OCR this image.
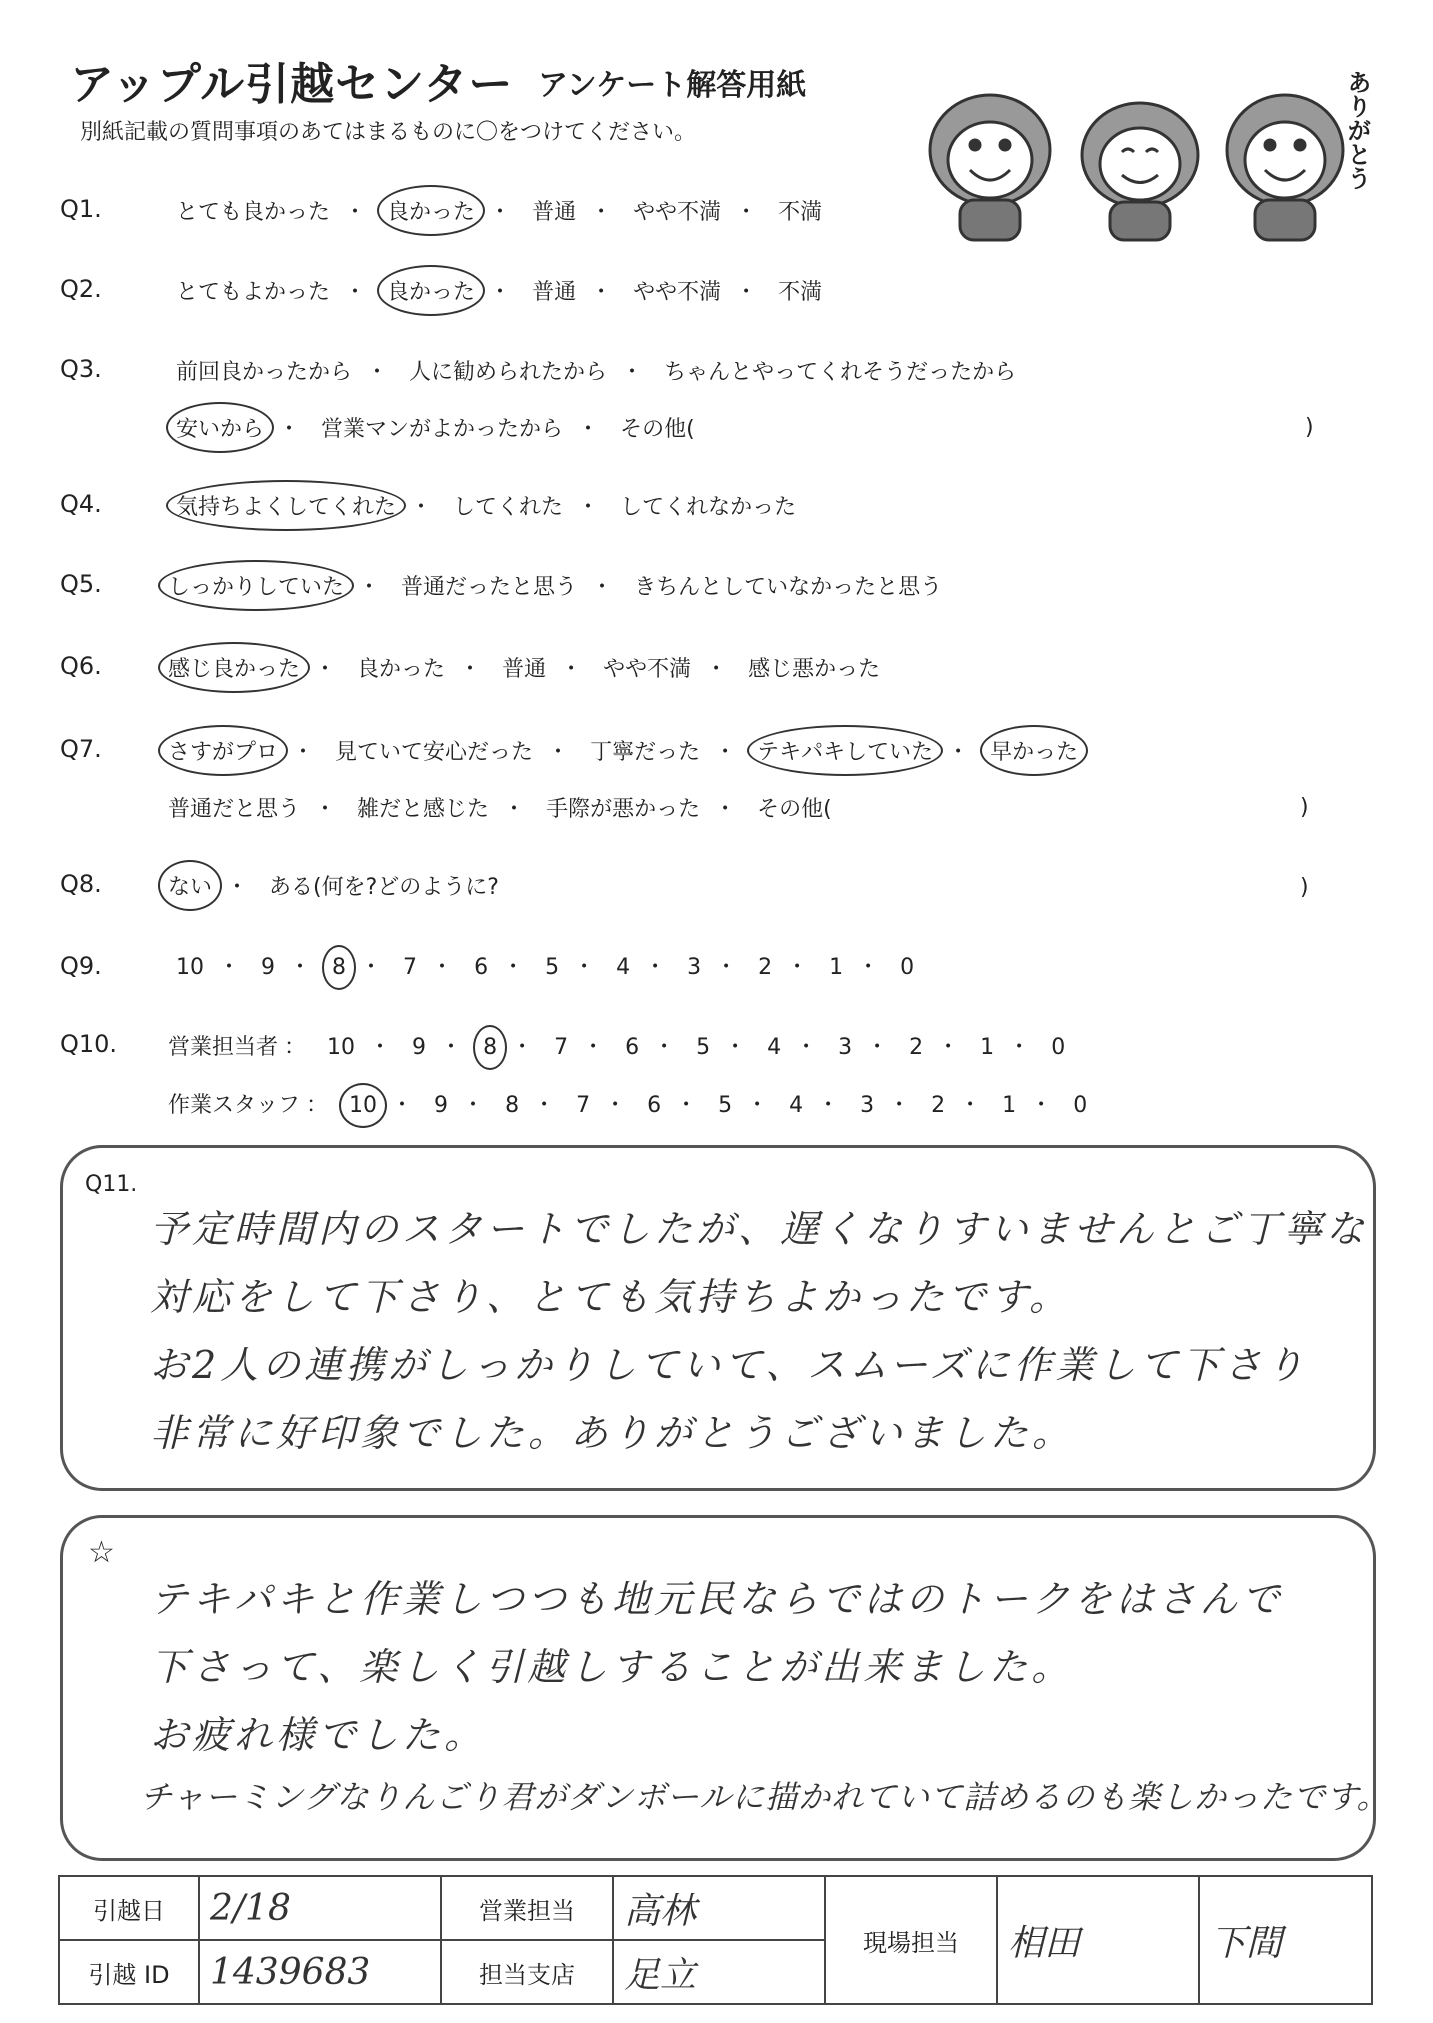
アップル引越センター アンケート解答用紙
別紙記載の質問事項のあてはまるものに〇をつけてください。	ありがとう
Q1.	とても良かった ・ 良かった ・ 普通 ・ やや不満 ・ 不満
Q2.	とてもよかった ・ 良かった ・ 普通 ・ やや不満 ・ 不満
Q3.	前回良かったから ・ 人に勧められたから ・ ちゃんとやってくれそうだったから
安いから ・ 営業マンがよかったから ・ その他(	)
Q4.	気持ちよくしてくれた ・ してくれた ・ してくれなかった
Q5.	しっかりしていた ・ 普通だったと思う ・ きちんとしていなかったと思う
Q6.	感じ良かった ・ 良かった ・ 普通 ・ やや不満 ・ 感じ悪かった
Q7.	さすがプロ ・ 見ていて安心だった ・ 丁寧だった ・ テキパキしていた ・ 早かった
普通だと思う ・ 雑だと感じた ・ 手際が悪かった ・ その他(	)
Q8.	ない ・ ある(何を?どのように?	)
Q9.	10 ・ 9 ・ 8 ・ 7 ・ 6 ・ 5 ・ 4 ・ 3 ・ 2 ・ 1 ・ 0
Q10. 営業担当者 ： 10 ・ 9 ・ 8 ・ 7 ・ 6 ・ 5 ・ 4 ・ 3 ・ 2 ・ 1 ・ 0
作業スタッフ ： 10 ・ 9 ・ 8 ・ 7 ・ 6 ・ 5 ・ 4 ・ 3 ・ 2 ・ 1 ・ 0
Q11.
予定時間内のスタートでしたが、遅くなりすいませんとご丁寧な
対応をして下さり、とても気持ちよかったです。
お2人の連携がしっかりしていて、スムーズに作業して下さり
非常に好印象でした。ありがとうございました。
☆
テキパキと作業しつつも地元民ならではのトークをはさんで
下さって、楽しく引越しすることが出来ました。
お疲れ様でした。
チャーミングなりんごり君がダンボールに描かれていて詰めるのも楽しかったです。
引越日	2/18	営業担当	高林	現場担当	相田	下間
引越 ID	1439683	担当支店	足立			
